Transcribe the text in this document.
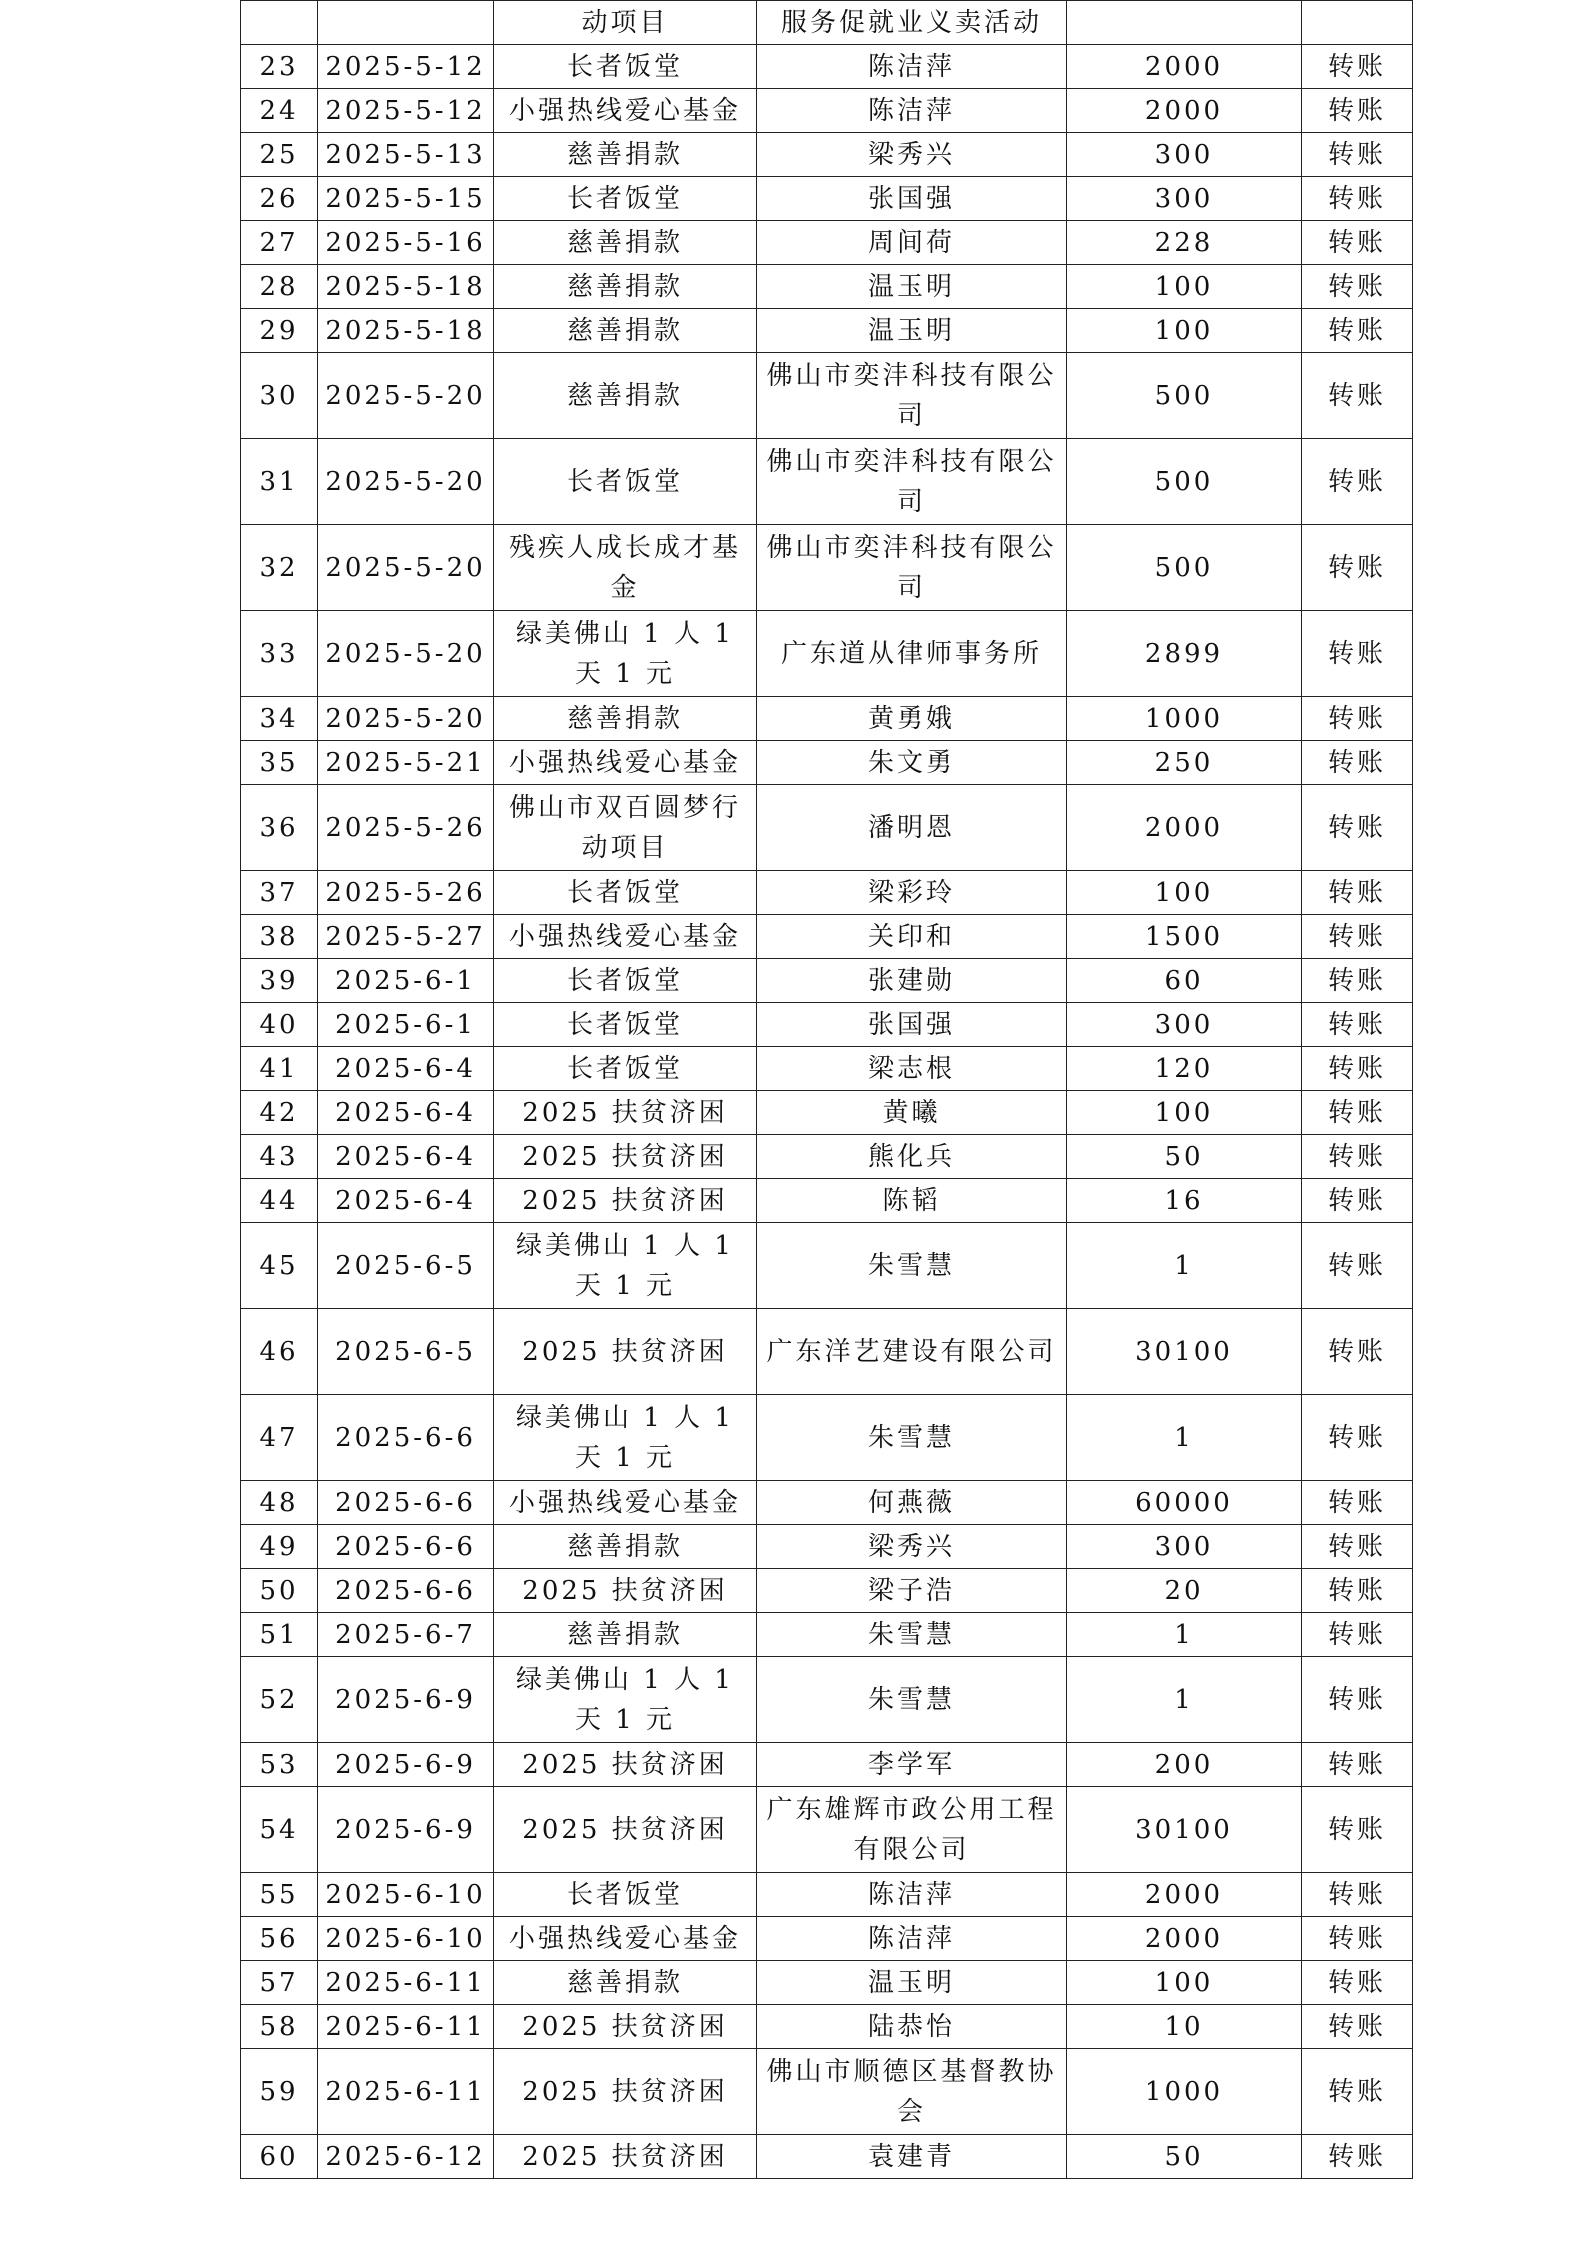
		动项目	服务促就业义卖活动		
23	2025-5-12	长者饭堂	陈洁萍	2000	转账
24	2025-5-12	小强热线爱心基金	陈洁萍	2000	转账
25	2025-5-13	慈善捐款	梁秀兴	300	转账
26	2025-5-15	长者饭堂	张国强	300	转账
27	2025-5-16	慈善捐款	周间荷	228	转账
28	2025-5-18	慈善捐款	温玉明	100	转账
29	2025-5-18	慈善捐款	温玉明	100	转账
30	2025-5-20	慈善捐款	佛山市奕沣科技有限公司	500	转账
31	2025-5-20	长者饭堂	佛山市奕沣科技有限公司	500	转账
32	2025-5-20	残疾人成长成才基金	佛山市奕沣科技有限公司	500	转账
33	2025-5-20	绿美佛山 1 人 1 天 1 元	广东道从律师事务所	2899	转账
34	2025-5-20	慈善捐款	黄勇娥	1000	转账
35	2025-5-21	小强热线爱心基金	朱文勇	250	转账
36	2025-5-26	佛山市双百圆梦行动项目	潘明恩	2000	转账
37	2025-5-26	长者饭堂	梁彩玲	100	转账
38	2025-5-27	小强热线爱心基金	关印和	1500	转账
39	2025-6-1	长者饭堂	张建勋	60	转账
40	2025-6-1	长者饭堂	张国强	300	转账
41	2025-6-4	长者饭堂	梁志根	120	转账
42	2025-6-4	2025 扶贫济困	黄曦	100	转账
43	2025-6-4	2025 扶贫济困	熊化兵	50	转账
44	2025-6-4	2025 扶贫济困	陈韬	16	转账
45	2025-6-5	绿美佛山 1 人 1 天 1 元	朱雪慧	1	转账
46	2025-6-5	2025 扶贫济困	广东洋艺建设有限公司	30100	转账
47	2025-6-6	绿美佛山 1 人 1 天 1 元	朱雪慧	1	转账
48	2025-6-6	小强热线爱心基金	何燕薇	60000	转账
49	2025-6-6	慈善捐款	梁秀兴	300	转账
50	2025-6-6	2025 扶贫济困	梁子浩	20	转账
51	2025-6-7	慈善捐款	朱雪慧	1	转账
52	2025-6-9	绿美佛山 1 人 1 天 1 元	朱雪慧	1	转账
53	2025-6-9	2025 扶贫济困	李学军	200	转账
54	2025-6-9	2025 扶贫济困	广东雄辉市政公用工程有限公司	30100	转账
55	2025-6-10	长者饭堂	陈洁萍	2000	转账
56	2025-6-10	小强热线爱心基金	陈洁萍	2000	转账
57	2025-6-11	慈善捐款	温玉明	100	转账
58	2025-6-11	2025 扶贫济困	陆恭怡	10	转账
59	2025-6-11	2025 扶贫济困	佛山市顺德区基督教协会	1000	转账
60	2025-6-12	2025 扶贫济困	袁建青	50	转账
